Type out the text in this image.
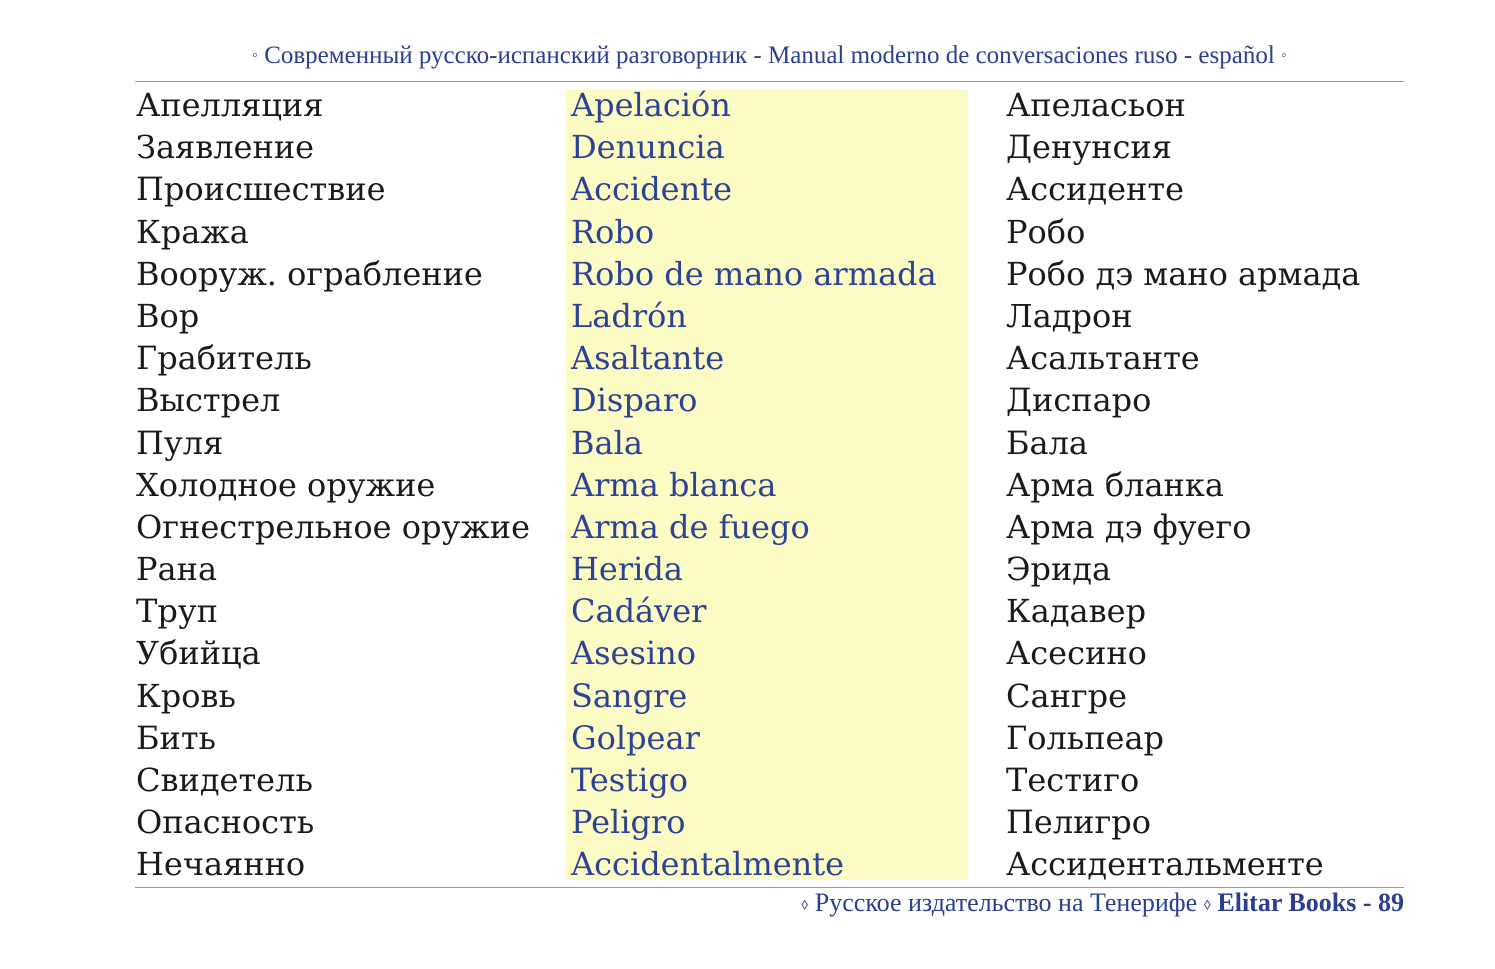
◦ Современный русско-испанский разговорник - Manual moderno de conversaciones ruso - español ◦
Апелляция	Apelación	Апеласьон
Заявление	Denuncia	Денунсия
Происшествие	Accidente	Ассиденте
Кража	Robo	Робо
Вооруж. ограбление	Robo de mano armada Робо дэ мано армада
Вор	Ladrón	Ладрон
Грабитель	Asaltante	Асальтанте
Выстрел	Disparo	Диспаро
Пуля	Bala	Бала
Холодное оружие	Arma blanca	Арма бланка
Огнестрельное оружие Arma de fuego	Арма дэ фуего
Рана	Herida	Эрида
Труп	Cadáver	Кадавер
Убийца	Asesino	Асесино
Кровь	Sangre	Сангре
Бить	Golpear	Гольпеар
Свидетель	Testigo	Тестиго
Опасность	Peligro	Пелигро
Нечаянно	Accidentalmente	Ассидентальменте
⬨ Русское издательство на Тенерифе ⬨ Elitar Books - 89
